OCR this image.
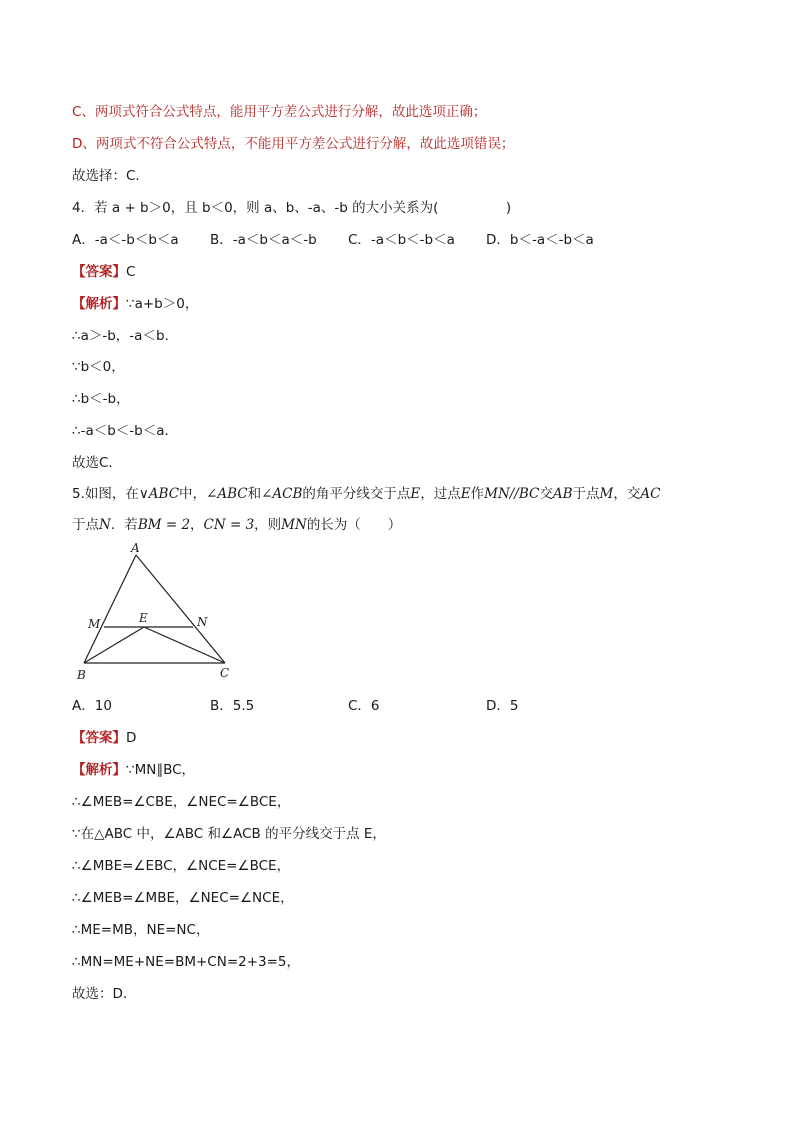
C、两项式符合公式特点，能用平方差公式进行分解，故此选项正确；
D、两项式不符合公式特点，不能用平方差公式进行分解，故此选项错误；
故选择：C．
4．若 a + b＞0，且 b＜0，则 a、b、-a、-b 的大小关系为(　　　　　)
A．-a＜-b＜b＜a B．-a＜b＜a＜-b C．-a＜b＜-b＜a D．b＜-a＜-b＜a
【答案】C
【解析】∵a+b＞0，
∴a＞-b，-a＜b.
∵b＜0，
∴b＜-b，
∴-a＜b＜-b＜a.
故选C.
5.如图，在∨ABC中，∠ABC和∠ACB的角平分线交于点E，过点E作MN//BC交AB于点M，交AC
于点N．若BM = 2，CN = 3，则MN的长为（　　）
A
M	E	N
B	C
A．10	B．5.5	C．6	D．5
【答案】D
【解析】∵MN∥BC，
∴∠MEB=∠CBE，∠NEC=∠BCE，
∵在△ABC 中，∠ABC 和∠ACB 的平分线交于点 E，
∴∠MBE=∠EBC，∠NCE=∠BCE，
∴∠MEB=∠MBE，∠NEC=∠NCE，
∴ME=MB，NE=NC，
∴MN=ME+NE=BM+CN=2+3=5，
故选：D．
